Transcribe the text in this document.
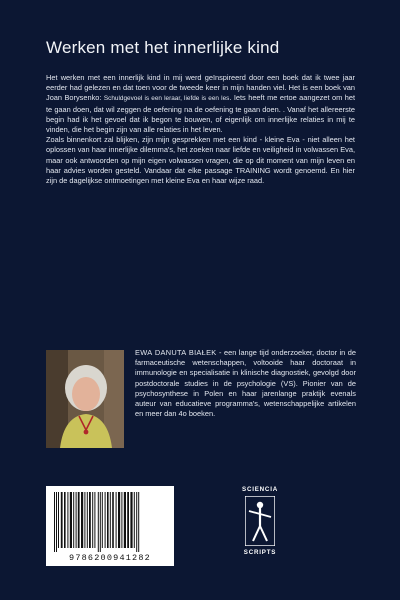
Werken met het innerlijke kind

Het werken met een innerlijk kind in mij werd geïnspireerd door een boek dat ik twee jaar eerder had gelezen en dat toen voor de tweede keer in mijn handen viel. Het is een boek van Joan Borysenko: Schuldgevoel is een leraar, liefde is een les. Iets heeft me ertoe aangezet om het te gaan doen, dat wil zeggen de oefening na de oefening te gaan doen. . Vanaf het allereerste begin had ik het gevoel dat ik begon te bouwen, of eigenlijk om innerlijke relaties in mij te vinden, die het begin zijn van alle relaties in het leven.

Zoals binnenkort zal blijken, zijn mijn gesprekken met een kind - kleine Eva - niet alleen het oplossen van haar innerlijke dilemma's, het zoeken naar liefde en veiligheid in volwassen Eva, maar ook antwoorden op mijn eigen volwassen vragen, die op dit moment van mijn leven en haar advies worden gesteld. Vandaar dat elke passage TRAINING wordt genoemd. En hier zijn de dagelijkse ontmoetingen met kleine Eva en haar wijze raad.

EWA DANUTA BIAŁEK - een lange tijd onderzoeker, doctor in de farmaceutische wetenschappen, voltooide haar doctoraat in immunologie en specialisatie in klinische diagnostiek, gevolgd door postdoctorale studies in de psychologie (VS). Pionier van de psychosynthese in Polen en haar jarenlange praktijk evenals auteur van educatieve programma's, wetenschappelijke artikelen en meer dan 4o boeken.
9786200941282
SCIENCIA
SCRIPTS
